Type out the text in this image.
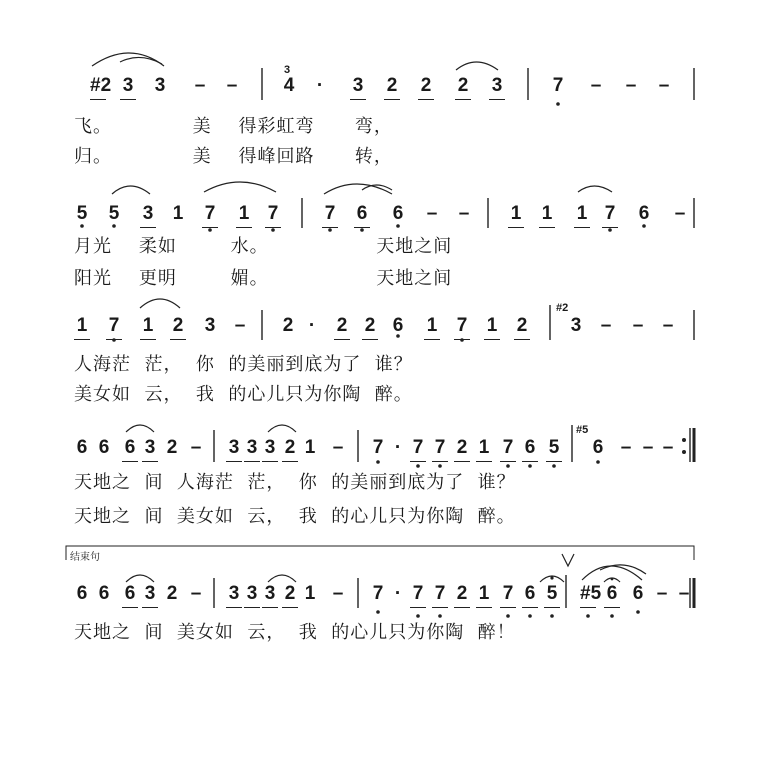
#2 3 3 – – 4 · 3 2 2 2 3	7 – – –
飞。            美    得彩虹弯      弯，
归。            美    得峰回路      转，
5 5 3 1 7 1 7 7 6 6 – – 1 1 1 7 6 –
月光    柔如        水。                天地之间
阳光    更明        媚。                天地之间
1 7 1 2 3 – 2 · 2 2 6 1 7 1 2 3 – – –
人海茫  茫，  你  的美丽到底为了  谁？
美女如  云，  我  的心儿只为你陶  醉。
6 6 6 3 2 – 3 3 3 2 1 – 7 · 7 7 2 1 7 6 5 6 – – –
天地之  间  人海茫  茫，  你  的美丽到底为了  谁？
天地之  间  美女如  云，  我  的心儿只为你陶  醉。
6 6 6 3 2 – 3 3 3 2 1 – 7 · 7 7 2 1 7 6 5 #5 6 6 – –
天地之  间  美女如  云，  我  的心儿只为你陶  醉！
3
#2
#5
结束句
